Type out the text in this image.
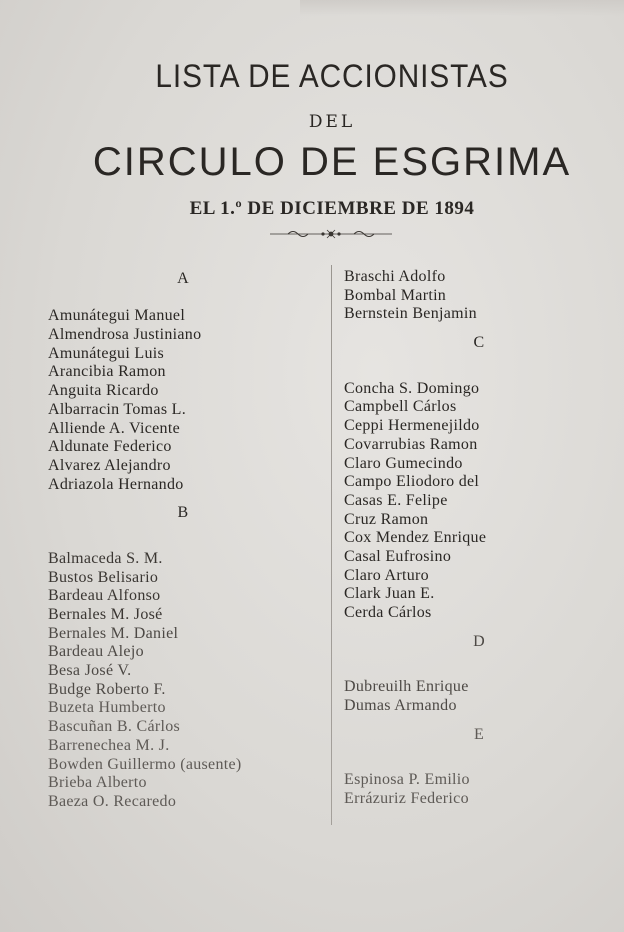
LISTA DE ACCIONISTAS
DEL
CIRCULO DE ESGRIMA
EL 1.º DE DICIEMBRE DE 1894
A
Amunátegui Manuel
Almendrosa Justiniano
Amunátegui Luis
Arancibia Ramon
Anguita Ricardo
Albarracin Tomas L.
Alliende A. Vicente
Aldunate Federico
Alvarez Alejandro
Adriazola Hernando
B
Balmaceda S. M.
Bustos Belisario
Bardeau Alfonso
Bernales M. José
Bernales M. Daniel
Bardeau Alejo
Besa José V.
Budge Roberto F.
Buzeta Humberto
Bascuñan B. Cárlos
Barrenechea M. J.
Bowden Guillermo (ausente)
Brieba Alberto
Baeza O. Recaredo
Braschi Adolfo
Bombal Martin
Bernstein Benjamin
C
Concha S. Domingo
Campbell Cárlos
Ceppi Hermenejildo
Covarrubias Ramon
Claro Gumecindo
Campo Eliodoro del
Casas E. Felipe
Cruz Ramon
Cox Mendez Enrique
Casal Eufrosino
Claro Arturo
Clark Juan E.
Cerda Cárlos
D
Dubreuilh Enrique
Dumas Armando
E
Espinosa P. Emilio
Errázuriz Federico
